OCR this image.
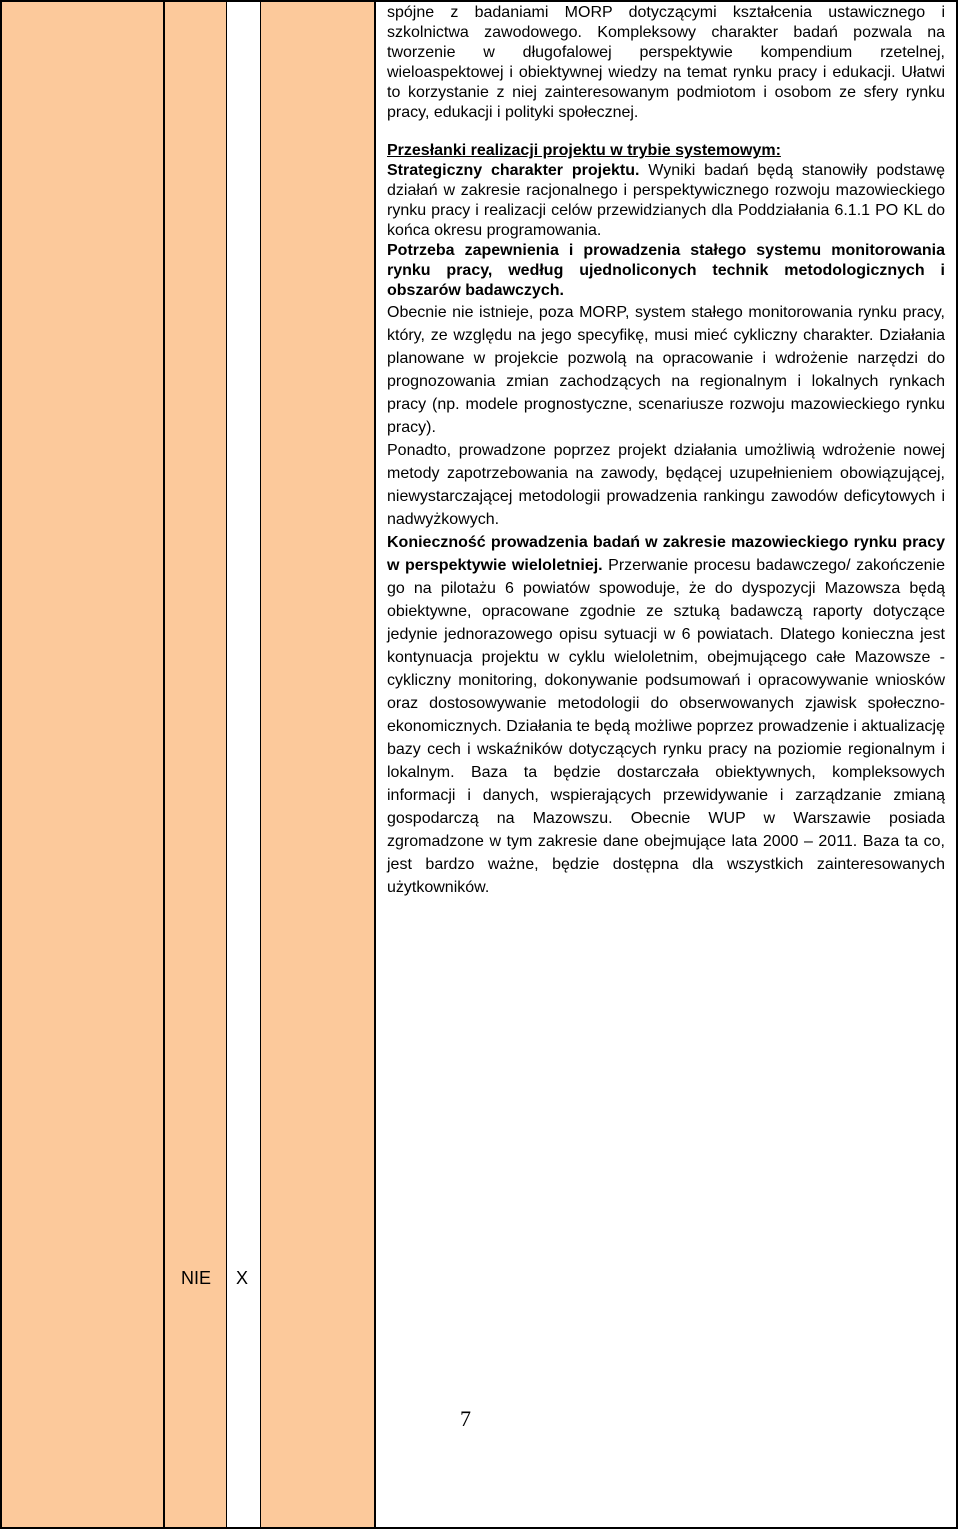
spójne z badaniami MORP dotyczącymi kształcenia ustawicznego i szkolnictwa zawodowego. Kompleksowy charakter badań pozwala na tworzenie w długofalowej perspektywie kompendium rzetelnej, wieloaspektowej i obiektywnej wiedzy na temat rynku pracy i edukacji. Ułatwi to korzystanie z niej zainteresowanym podmiotom i osobom ze sfery rynku pracy, edukacji i polityki społecznej.

Przesłanki realizacji projektu w trybie systemowym:

Strategiczny charakter projektu. Wyniki badań będą stanowiły podstawę działań w zakresie racjonalnego i perspektywicznego rozwoju mazowieckiego rynku pracy i realizacji celów przewidzianych dla Poddziałania 6.1.1 PO KL do końca okresu programowania.

Potrzeba zapewnienia i prowadzenia stałego systemu monitorowania rynku pracy, według ujednoliconych technik metodologicznych i obszarów badawczych.

Obecnie nie istnieje, poza MORP, system stałego monitorowania rynku pracy, który, ze względu na jego specyfikę, musi mieć cykliczny charakter. Działania planowane w projekcie pozwolą na opracowanie i wdrożenie narzędzi do prognozowania zmian zachodzących na regionalnym i lokalnych rynkach pracy (np. modele prognostyczne, scenariusze rozwoju mazowieckiego rynku pracy).

Ponadto, prowadzone poprzez projekt działania umożliwią wdrożenie nowej metody zapotrzebowania na zawody, będącej uzupełnieniem obowiązującej, niewystarczającej metodologii prowadzenia rankingu zawodów deficytowych i nadwyżkowych.

Konieczność prowadzenia badań w zakresie mazowieckiego rynku pracy w perspektywie wieloletniej. Przerwanie procesu badawczego/ zakończenie go na pilotażu 6 powiatów spowoduje, że do dyspozycji Mazowsza będą obiektywne, opracowane zgodnie ze sztuką badawczą raporty dotyczące jedynie jednorazowego opisu sytuacji w 6 powiatach. Dlatego konieczna jest kontynuacja projektu w cyklu wieloletnim, obejmującego całe Mazowsze - cykliczny monitoring, dokonywanie podsumowań i opracowywanie wniosków oraz dostosowywanie metodologii do obserwowanych zjawisk społeczno-ekonomicznych. Działania te będą możliwe poprzez prowadzenie i aktualizację bazy cech i wskaźników dotyczących rynku pracy na poziomie regionalnym i lokalnym. Baza ta będzie dostarczała obiektywnych, kompleksowych informacji i danych, wspierających przewidywanie i zarządzanie zmianą gospodarczą na Mazowszu. Obecnie WUP w Warszawie posiada zgromadzone w tym zakresie dane obejmujące lata 2000 – 2011. Baza ta co, jest bardzo ważne, będzie dostępna dla wszystkich zainteresowanych użytkowników.

NIE X
7
